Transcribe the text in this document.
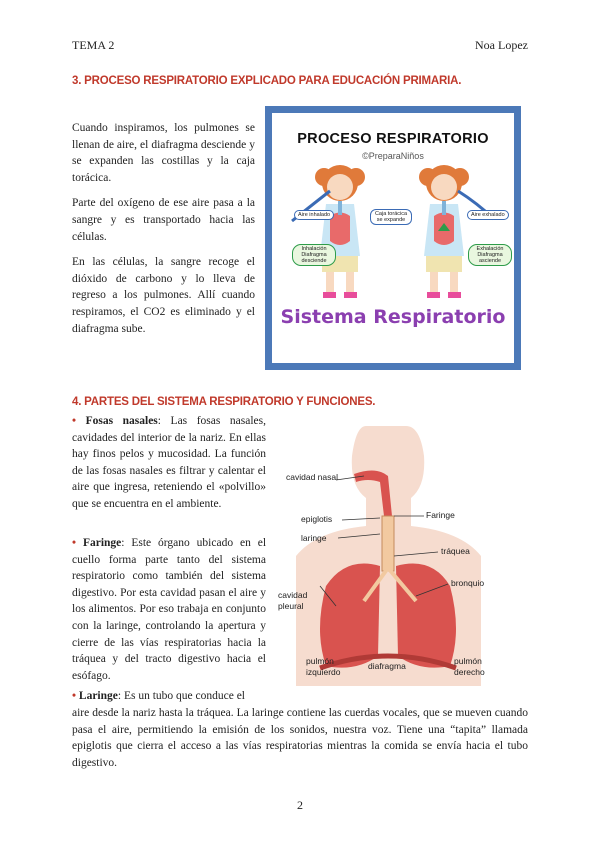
TEMA 2	Noa Lopez
3. PROCESO RESPIRATORIO EXPLICADO PARA EDUCACIÓN PRIMARIA.

Cuando inspiramos, los pulmones se llenan de aire, el diafragma desciende y se expanden las costillas y la caja torácica.

Parte del oxígeno de ese aire pasa a la sangre y es transportado hacia las células.

En las células, la sangre recoge el dióxido de carbono y lo lleva de regreso a los pulmones. Allí cuando respiramos, el CO2 es eliminado y el diafragma sube.

PROCESO RESPIRATORIO
©PreparaNiños
Aire inhalado	Caja torácica se expande
Aire exhalado
Inhalación Diafragma desciende
Exhalación Diafragma asciende
Sistema Respiratorio
4. PARTES DEL SISTEMA RESPIRATORIO Y FUNCIONES.

• Fosas nasales: Las fosas nasales, cavidades del interior de la nariz. En ellas hay finos pelos y mucosidad. La función de las fosas nasales es filtrar y calentar el aire que ingresa, reteniendo el «polvillo» que se encuentra en el ambiente.

• Faringe: Este órgano ubicado en el cuello forma parte tanto del sistema respiratorio como también del sistema digestivo. Por esta cavidad pasan el aire y los alimentos. Por eso trabaja en conjunto con la laringe, controlando la apertura y cierre de las vías respiratorias hacia la tráquea y del tracto digestivo hacia el esófago.

cavidad nasal
epiglotis
laringe
Faringe
tráquea
bronquio
cavidad
pleural
pulmón
izquierdo
diafragma	pulmón
derecho

• Laringe: Es un tubo que conduce el

aire desde la nariz hasta la tráquea. La laringe contiene las cuerdas vocales, que se mueven cuando pasa el aire, permitiendo la emisión de los sonidos, nuestra voz. Tiene una “tapita” llamada epiglotis que cierra el acceso a las vías respiratorias mientras la comida se envía hacia el tubo digestivo.

2
